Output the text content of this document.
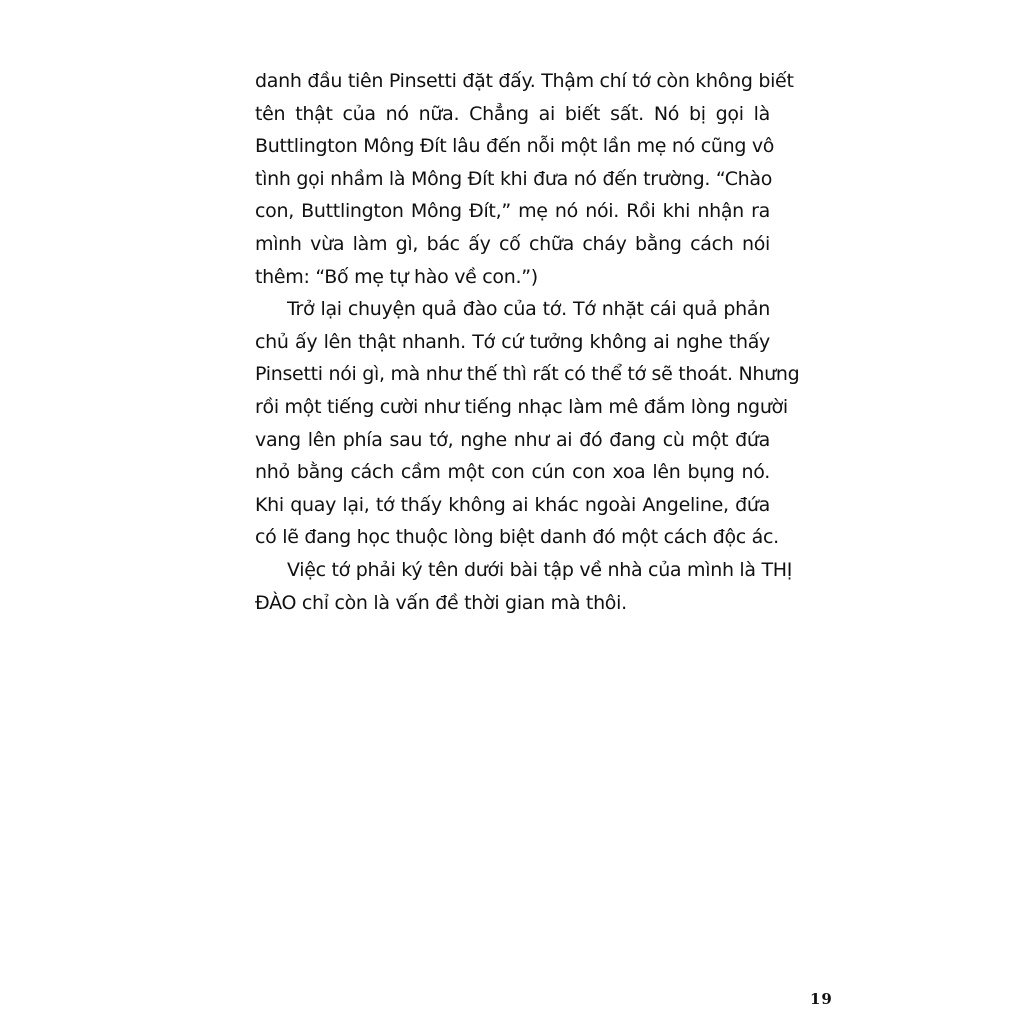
danh đầu tiên Pinsetti đặt đấy. Thậm chí tớ còn không biết
tên thật của nó nữa. Chẳng ai biết sất. Nó bị gọi là
Buttlington Mông Đít lâu đến nỗi một lần mẹ nó cũng vô
tình gọi nhầm là Mông Đít khi đưa nó đến trường. “Chào
con, Buttlington Mông Đít,” mẹ nó nói. Rồi khi nhận ra
mình vừa làm gì, bác ấy cố chữa cháy bằng cách nói
thêm: “Bố mẹ tự hào về con.”)
Trở lại chuyện quả đào của tớ. Tớ nhặt cái quả phản
chủ ấy lên thật nhanh. Tớ cứ tưởng không ai nghe thấy
Pinsetti nói gì, mà như thế thì rất có thể tớ sẽ thoát. Nhưng
rồi một tiếng cười như tiếng nhạc làm mê đắm lòng người
vang lên phía sau tớ, nghe như ai đó đang cù một đứa
nhỏ bằng cách cầm một con cún con xoa lên bụng nó.
Khi quay lại, tớ thấy không ai khác ngoài Angeline, đứa
có lẽ đang học thuộc lòng biệt danh đó một cách độc ác.
Việc tớ phải ký tên dưới bài tập về nhà của mình là THỊ
ĐÀO chỉ còn là vấn đề thời gian mà thôi.
19
